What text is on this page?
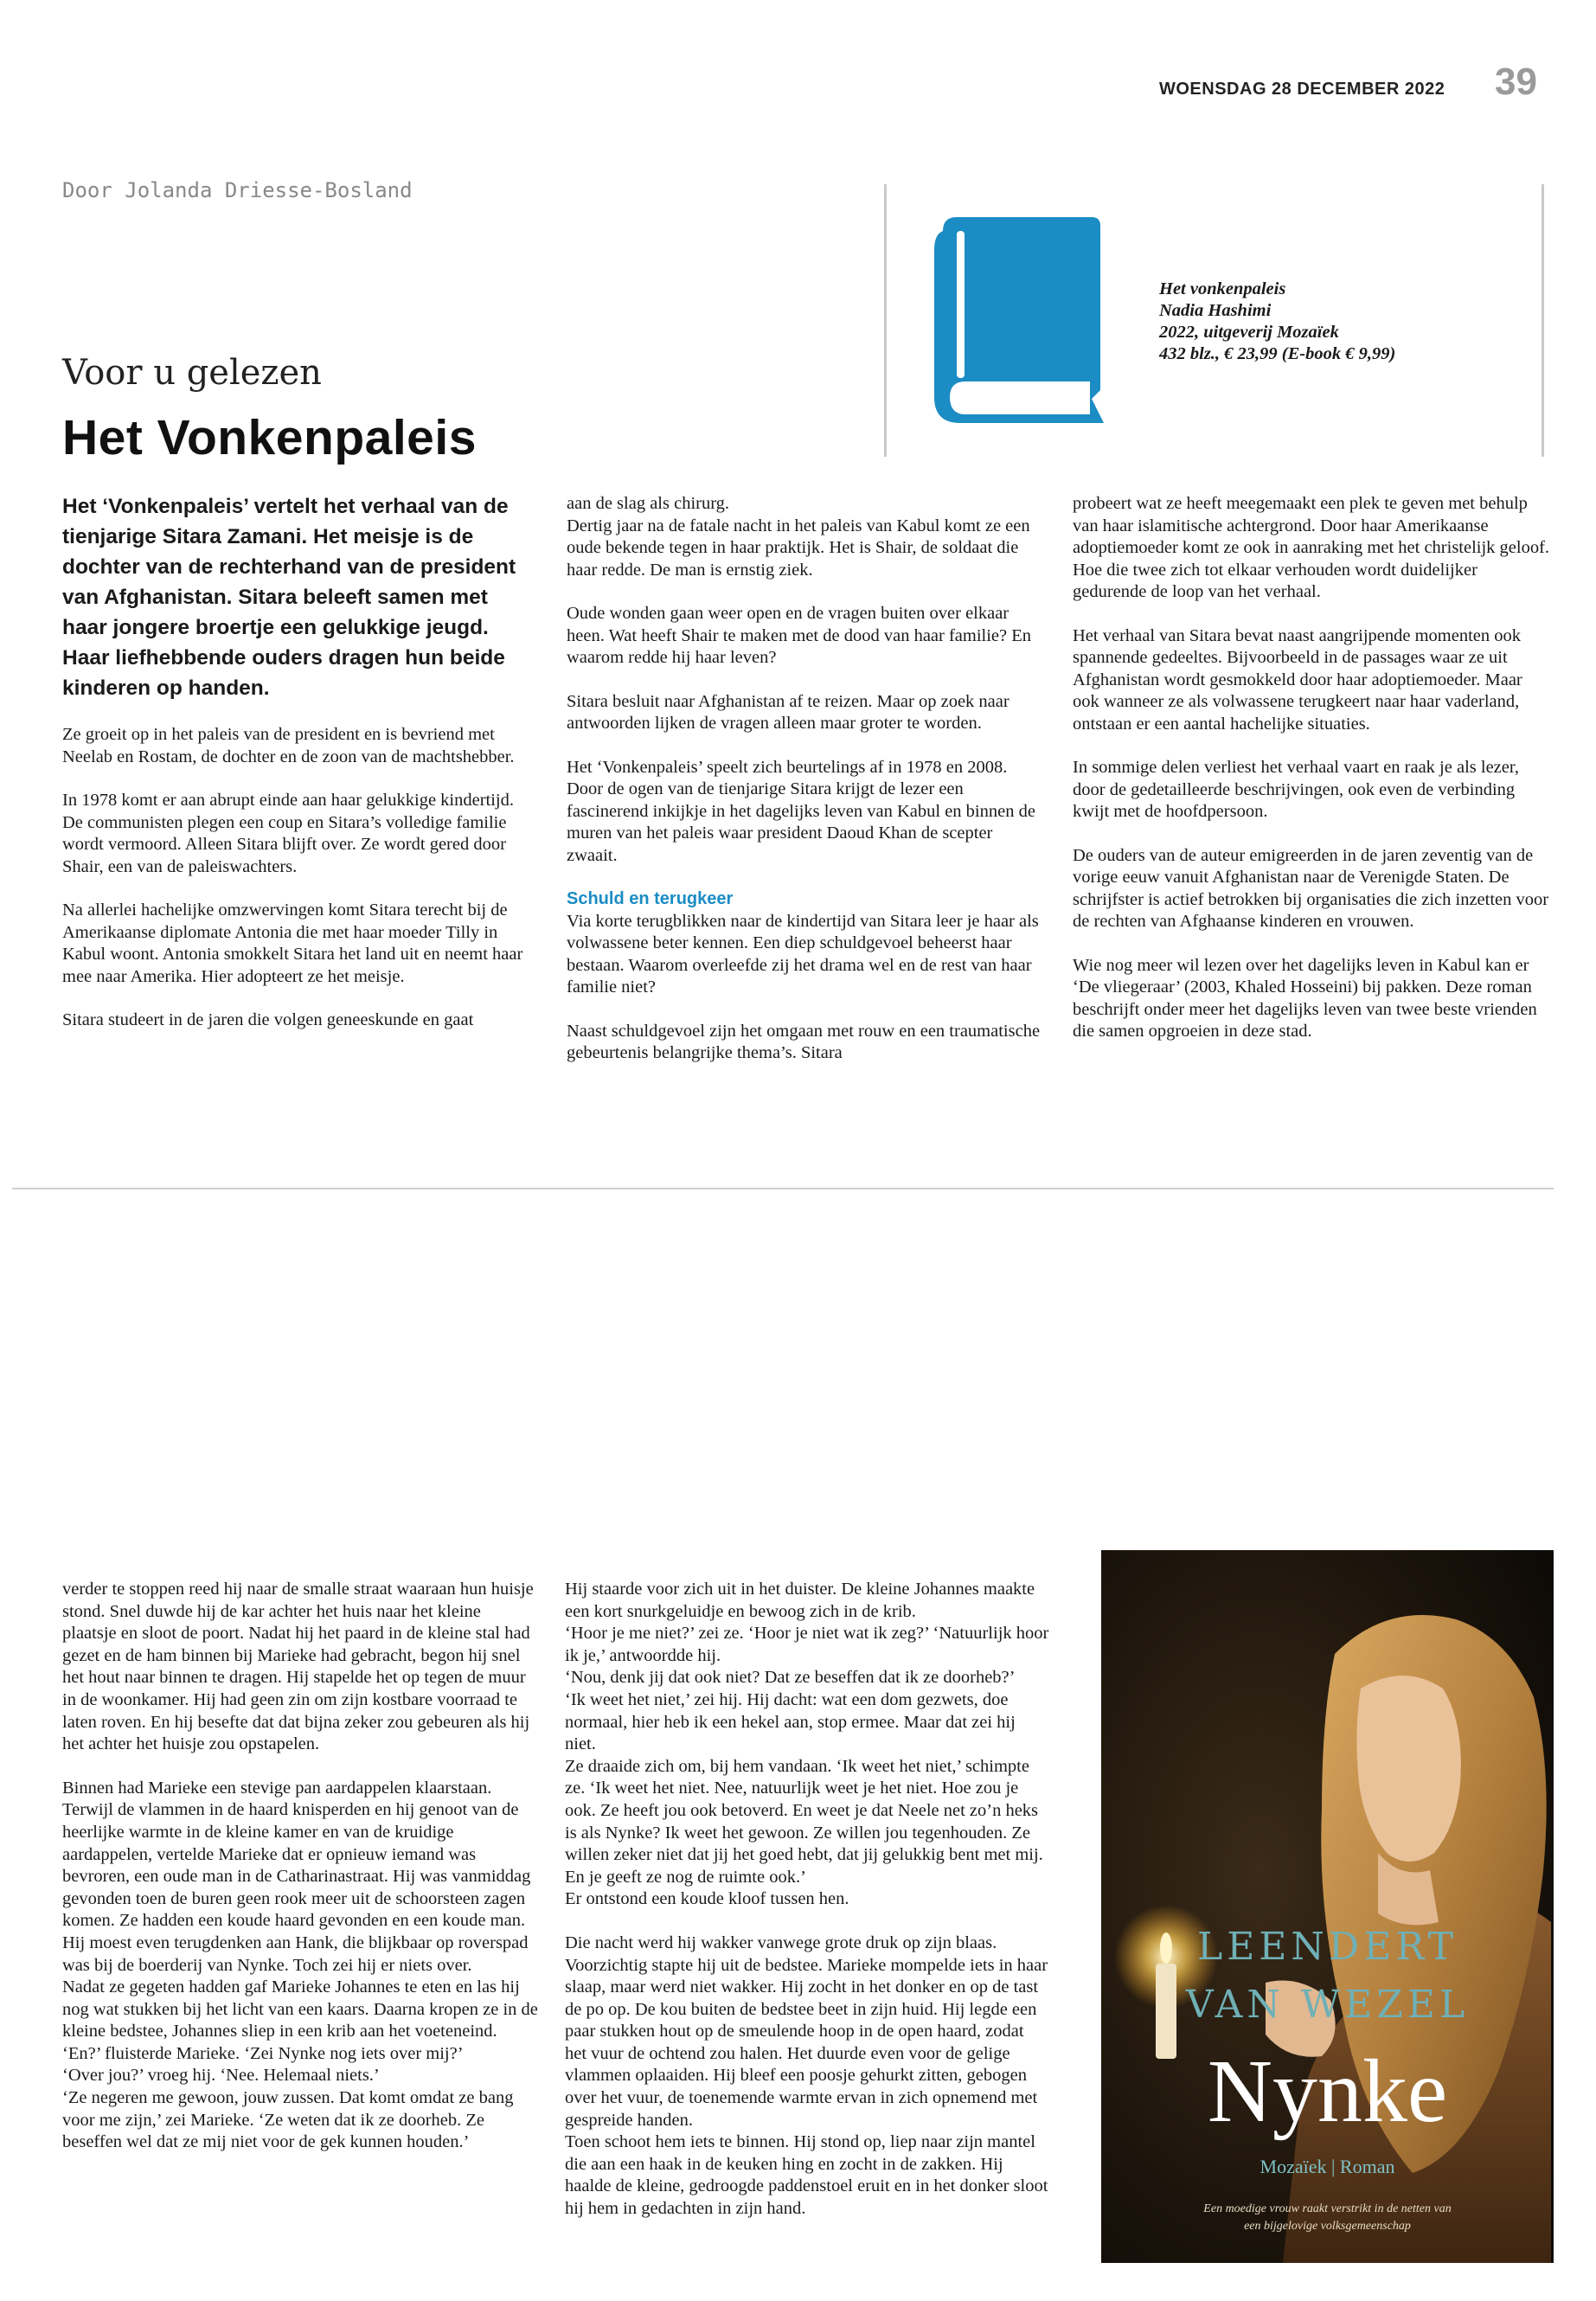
WOENSDAG 28 DECEMBER 2022 39
Door Jolanda Driesse-Bosland
Voor u gelezen
Het Vonkenpaleis
Het vonkenpaleis
Nadia Hashimi
2022, uitgeverij Mozaïek
432 blz., € 23,99 (E-book € 9,99)
Het ‘Vonkenpaleis’ vertelt het verhaal van de tienjarige Sitara Zamani. Het meisje is de dochter van de rechterhand van de president van Afghanistan. Sitara beleeft samen met haar jongere broertje een gelukkige jeugd. Haar liefhebbende ouders dragen hun beide kinderen op handen.

Ze groeit op in het paleis van de president en is bevriend met Neelab en Rostam, de dochter en de zoon van de machtshebber.

In 1978 komt er aan abrupt einde aan haar gelukkige kindertijd. De communisten plegen een coup en Sitara’s volledige familie wordt vermoord. Alleen Sitara blijft over. Ze wordt gered door Shair, een van de paleiswachters.

Na allerlei hachelijke omzwervingen komt Sitara terecht bij de Amerikaanse diplomate Antonia die met haar moeder Tilly in Kabul woont. Antonia smokkelt Sitara het land uit en neemt haar mee naar Amerika. Hier adopteert ze het meisje.

Sitara studeert in de jaren die volgen geneeskunde en gaat

aan de slag als chirurg.

Dertig jaar na de fatale nacht in het paleis van Kabul komt ze een oude bekende tegen in haar praktijk. Het is Shair, de soldaat die haar redde. De man is ernstig ziek.

Oude wonden gaan weer open en de vragen buiten over elkaar heen. Wat heeft Shair te maken met de dood van haar familie? En waarom redde hij haar leven?

Sitara besluit naar Afghanistan af te reizen. Maar op zoek naar antwoorden lijken de vragen alleen maar groter te worden.

Het ‘Vonkenpaleis’ speelt zich beurtelings af in 1978 en 2008. Door de ogen van de tienjarige Sitara krijgt de lezer een fascinerend inkijkje in het dagelijks leven van Kabul en binnen de muren van het paleis waar president Daoud Khan de scepter zwaait.

Schuld en terugkeer

Via korte terugblikken naar de kindertijd van Sitara leer je haar als volwassene beter kennen. Een diep schuldgevoel beheerst haar bestaan. Waarom overleefde zij het drama wel en de rest van haar familie niet?

Naast schuldgevoel zijn het omgaan met rouw en een traumatische gebeurtenis belangrijke thema’s. Sitara

probeert wat ze heeft meegemaakt een plek te geven met behulp van haar islamitische achtergrond. Door haar Amerikaanse adoptiemoeder komt ze ook in aanraking met het christelijk geloof. Hoe die twee zich tot elkaar verhouden wordt duidelijker gedurende de loop van het verhaal.

Het verhaal van Sitara bevat naast aangrijpende momenten ook spannende gedeeltes. Bijvoorbeeld in de passages waar ze uit Afghanistan wordt gesmokkeld door haar adoptiemoeder. Maar ook wanneer ze als volwassene terugkeert naar haar vaderland, ontstaan er een aantal hachelijke situaties.

In sommige delen verliest het verhaal vaart en raak je als lezer, door de gedetailleerde beschrijvingen, ook even de verbinding kwijt met de hoofdpersoon.

De ouders van de auteur emigreerden in de jaren zeventig van de vorige eeuw vanuit Afghanistan naar de Verenigde Staten. De schrijfster is actief betrokken bij organisaties die zich inzetten voor de rechten van Afghaanse kinderen en vrouwen.

Wie nog meer wil lezen over het dagelijks leven in Kabul kan er ‘De vliegeraar’ (2003, Khaled Hosseini) bij pakken. Deze roman beschrijft onder meer het dagelijks leven van twee beste vrienden die samen opgroeien in deze stad.

verder te stoppen reed hij naar de smalle straat waaraan hun huisje stond. Snel duwde hij de kar achter het huis naar het kleine plaatsje en sloot de poort. Nadat hij het paard in de kleine stal had gezet en de ham binnen bij Marieke had gebracht, begon hij snel het hout naar binnen te dragen. Hij stapelde het op tegen de muur in de woonkamer. Hij had geen zin om zijn kostbare voorraad te laten roven. En hij besefte dat dat bijna zeker zou gebeuren als hij het achter het huisje zou opstapelen.

Binnen had Marieke een stevige pan aardappelen klaarstaan. Terwijl de vlammen in de haard knisperden en hij genoot van de heerlijke warmte in de kleine kamer en van de kruidige aardappelen, vertelde Marieke dat er opnieuw iemand was bevroren, een oude man in de Catharinastraat. Hij was vanmiddag gevonden toen de buren geen rook meer uit de schoorsteen zagen komen. Ze hadden een koude haard gevonden en een koude man.
Hij moest even terugdenken aan Hank, die blijkbaar op roverspad was bij de boerderij van Nynke. Toch zei hij er niets over.
Nadat ze gegeten hadden gaf Marieke Johannes te eten en las hij nog wat stukken bij het licht van een kaars. Daarna kropen ze in de kleine bedstee, Johannes sliep in een krib aan het voeteneind. ‘En?’ fluisterde Marieke. ‘Zei Nynke nog iets over mij?’
‘Over jou?’ vroeg hij. ‘Nee. Helemaal niets.’
‘Ze negeren me gewoon, jouw zussen. Dat komt omdat ze bang voor me zijn,’ zei Marieke. ‘Ze weten dat ik ze doorheb. Ze beseffen wel dat ze mij niet voor de gek kunnen houden.’
Hij staarde voor zich uit in het duister. De kleine Johannes maakte een kort snurkgeluidje en bewoog zich in de krib.
‘Hoor je me niet?’ zei ze. ‘Hoor je niet wat ik zeg?’ ‘Natuurlijk hoor ik je,’ antwoordde hij.
‘Nou, denk jij dat ook niet? Dat ze beseffen dat ik ze doorheb?’
‘Ik weet het niet,’ zei hij. Hij dacht: wat een dom gezwets, doe normaal, hier heb ik een hekel aan, stop ermee. Maar dat zei hij niet.
Ze draaide zich om, bij hem vandaan. ‘Ik weet het niet,’ schimpte ze. ‘Ik weet het niet. Nee, natuurlijk weet je het niet. Hoe zou je ook. Ze heeft jou ook betoverd. En weet je dat Neele net zo’n heks is als Nynke? Ik weet het gewoon. Ze willen jou tegenhouden. Ze willen zeker niet dat jij het goed hebt, dat jij gelukkig bent met mij. En je geeft ze nog de ruimte ook.’

Er ontstond een koude kloof tussen hen.

Die nacht werd hij wakker vanwege grote druk op zijn blaas. Voorzichtig stapte hij uit de bedstee. Marieke mompelde iets in haar slaap, maar werd niet wakker. Hij zocht in het donker en op de tast de po op. De kou buiten de bedstee beet in zijn huid. Hij legde een paar stukken hout op de smeulende hoop in de open haard, zodat het vuur de ochtend zou halen. Het duurde even voor de gelige vlammen oplaaiden. Hij bleef een poosje gehurkt zitten, gebogen over het vuur, de toenemende warmte ervan in zich opnemend met gespreide handen.
Toen schoot hem iets te binnen. Hij stond op, liep naar zijn mantel die aan een haak in de keuken hing en zocht in de zakken. Hij haalde de kleine, gedroogde paddenstoel eruit en in het donker sloot hij hem in gedachten in zijn hand.
LEENDERT
VAN WEZEL
Nynke
Mozaïek | Roman
Een moedige vrouw raakt verstrikt in de netten van
een bijgelovige volksgemeenschap
